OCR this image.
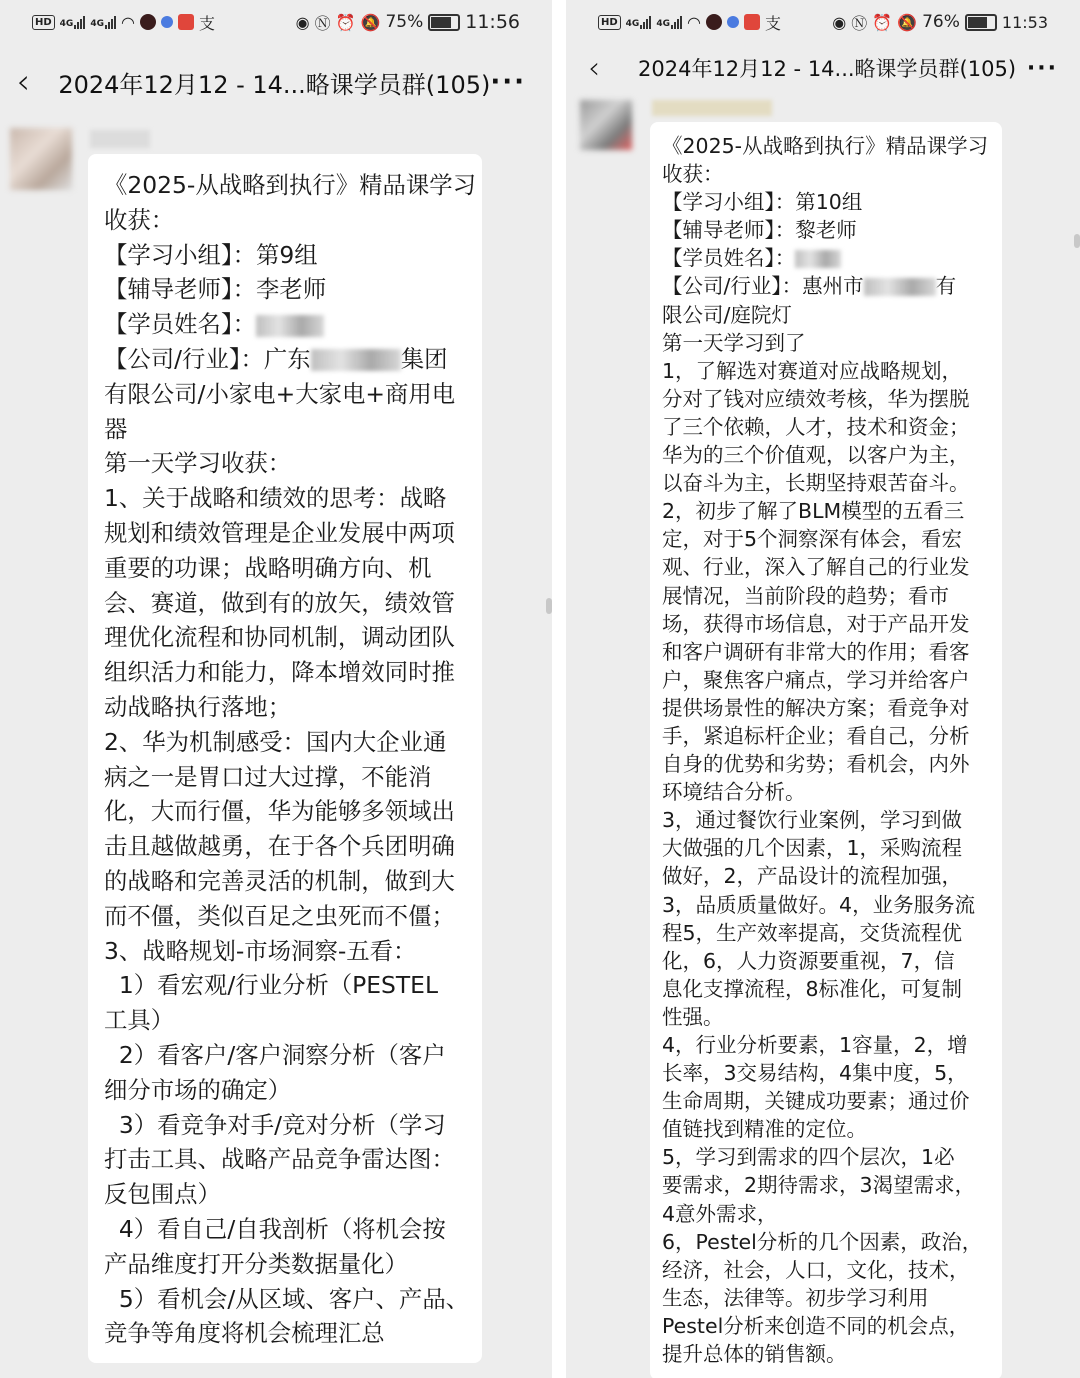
HD 4G 4G ◠	支	◉ Ⓝ ⏰ 🔕 75% 11:56
‹ 2024年12月12 - 14...略课学员群(105) ···
《2025-从战略到执行》精品课学习
收获：
【学习小组】：第9组
【辅导老师】：李老师
【学员姓名】：
【公司/行业】：广东	集团
有限公司/小家电+大家电+商用电
器
第一天学习收获：
1、关于战略和绩效的思考：战略
规划和绩效管理是企业发展中两项
重要的功课；战略明确方向、机
会、赛道，做到有的放矢，绩效管
理优化流程和协同机制，调动团队
组织活力和能力，降本增效同时推
动战略执行落地；
2、华为机制感受：国内大企业通
病之一是胃口过大过撑，不能消
化，大而行僵，华为能够多领域出
击且越做越勇，在于各个兵团明确
的战略和完善灵活的机制，做到大
而不僵，类似百足之虫死而不僵；
3、战略规划-市场洞察-五看：
1）看宏观/行业分析（PESTEL
工具）
2）看客户/客户洞察分析（客户
细分市场的确定）
3）看竞争对手/竞对分析（学习
打击工具、战略产品竞争雷达图：
反包围点）
4）看自己/自我剖析（将机会按
产品维度打开分类数据量化）
5）看机会/从区域、客户、产品、
竞争等角度将机会梳理汇总
HD 4G 4G ◠	支	◉ Ⓝ ⏰ 🔕 76%	11:53
‹	2024年12月12 - 14...略课学员群(105) ···
《2025-从战略到执行》精品课学习
收获：
【学习小组】：第10组
【辅导老师】：黎老师
【学员姓名】：
【公司/行业】：惠州市	有
限公司/庭院灯
第一天学习到了
1，了解选对赛道对应战略规划，
分对了钱对应绩效考核，华为摆脱
了三个依赖，人才，技术和资金；
华为的三个价值观，以客户为主，
以奋斗为主，长期坚持艰苦奋斗。
2，初步了解了BLM模型的五看三
定，对于5个洞察深有体会，看宏
观、行业，深入了解自己的行业发
展情况，当前阶段的趋势；看市
场，获得市场信息，对于产品开发
和客户调研有非常大的作用；看客
户，聚焦客户痛点，学习并给客户
提供场景性的解决方案；看竞争对
手，紧追标杆企业；看自己，分析
自身的优势和劣势；看机会，内外
环境结合分析。
3，通过餐饮行业案例，学习到做
大做强的几个因素，1，采购流程
做好，2，产品设计的流程加强，
3，品质质量做好。4，业务服务流
程5，生产效率提高，交货流程优
化，6，人力资源要重视，7，信
息化支撑流程，8标准化，可复制
性强。
4，行业分析要素，1容量，2，增
长率，3交易结构，4集中度，5，
生命周期，关键成功要素；通过价
值链找到精准的定位。
5，学习到需求的四个层次，1必
要需求，2期待需求，3渴望需求，
4意外需求，
6，Pestel分析的几个因素，政治，
经济，社会，人口，文化，技术，
生态，法律等。初步学习利用
Pestel分析来创造不同的机会点，
提升总体的销售额。
